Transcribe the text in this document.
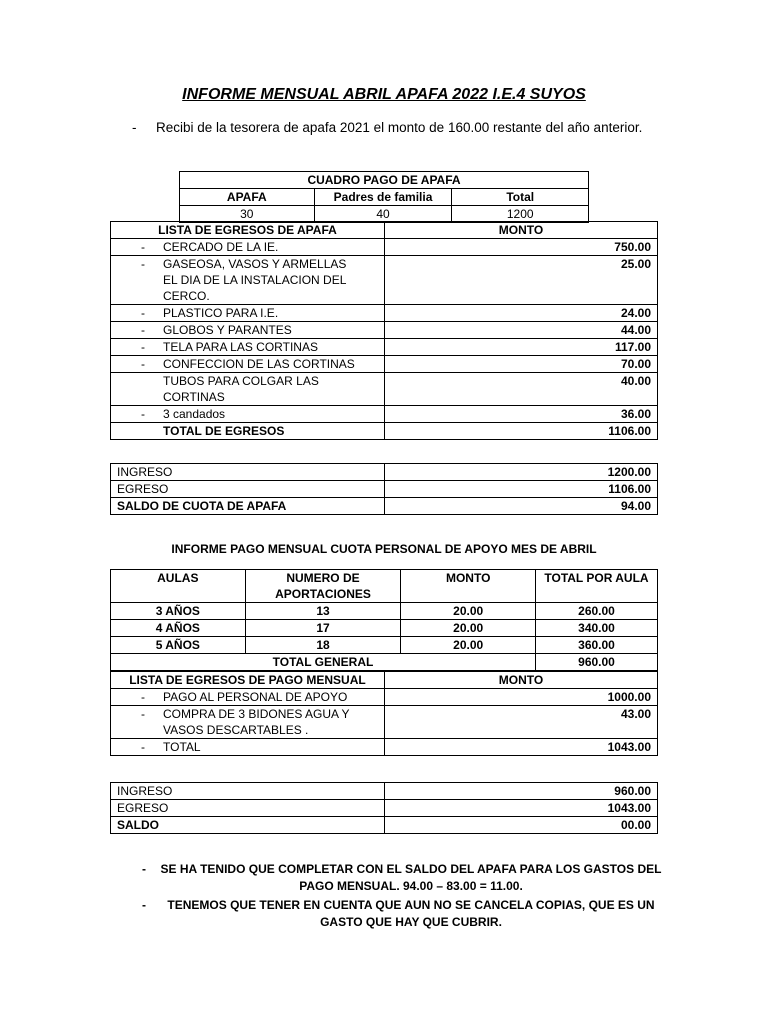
INFORME MENSUAL ABRIL APAFA 2022 I.E.4 SUYOS
- Recibi de la tesorera de apafa 2021 el monto de 160.00 restante del año anterior.
CUADRO PAGO DE APAFA		
APAFA	Padres de familia	Total
30	40	1200
LISTA DE EGRESOS DE APAFA	MONTO

- CERCADO DE LA IE.	750.00

- GASEOSA, VASOS Y ARMELLAS EL DIA DE LA INSTALACION DEL CERCO.	25.00

- PLASTICO PARA I.E.	24.00

- GLOBOS Y PARANTES	44.00

- TELA PARA LAS CORTINAS	117.00

- CONFECCION DE LAS CORTINAS	70.00

TUBOS PARA COLGAR LAS CORTINAS	40.00

- 3 candados	36.00
TOTAL DE EGRESOS	1106.00
INGRESO	1200.00
EGRESO	1106.00
SALDO DE CUOTA DE APAFA	94.00
INFORME PAGO MENSUAL CUOTA PERSONAL DE APOYO MES DE ABRIL
AULAS	NUMERO DE APORTACIONES	MONTO	TOTAL POR AULA
3 AÑOS	13	20.00	260.00
4 AÑOS	17	20.00	340.00
5 AÑOS	18	20.00	360.00
TOTAL GENERAL			960.00
LISTA DE EGRESOS DE PAGO MENSUAL	MONTO

- PAGO AL PERSONAL DE APOYO	1000.00

- COMPRA DE 3 BIDONES AGUA Y VASOS DESCARTABLES .	43.00

- TOTAL	1043.00
INGRESO	960.00
EGRESO	1043.00
SALDO	00.00
- SE HA TENIDO QUE COMPLETAR CON EL SALDO DEL APAFA PARA LOS GASTOS DEL PAGO MENSUAL. 94.00 – 83.00 = 11.00.
-	TENEMOS QUE TENER EN CUENTA QUE AUN NO SE CANCELA COPIAS, QUE ES UN GASTO QUE HAY QUE CUBRIR.
